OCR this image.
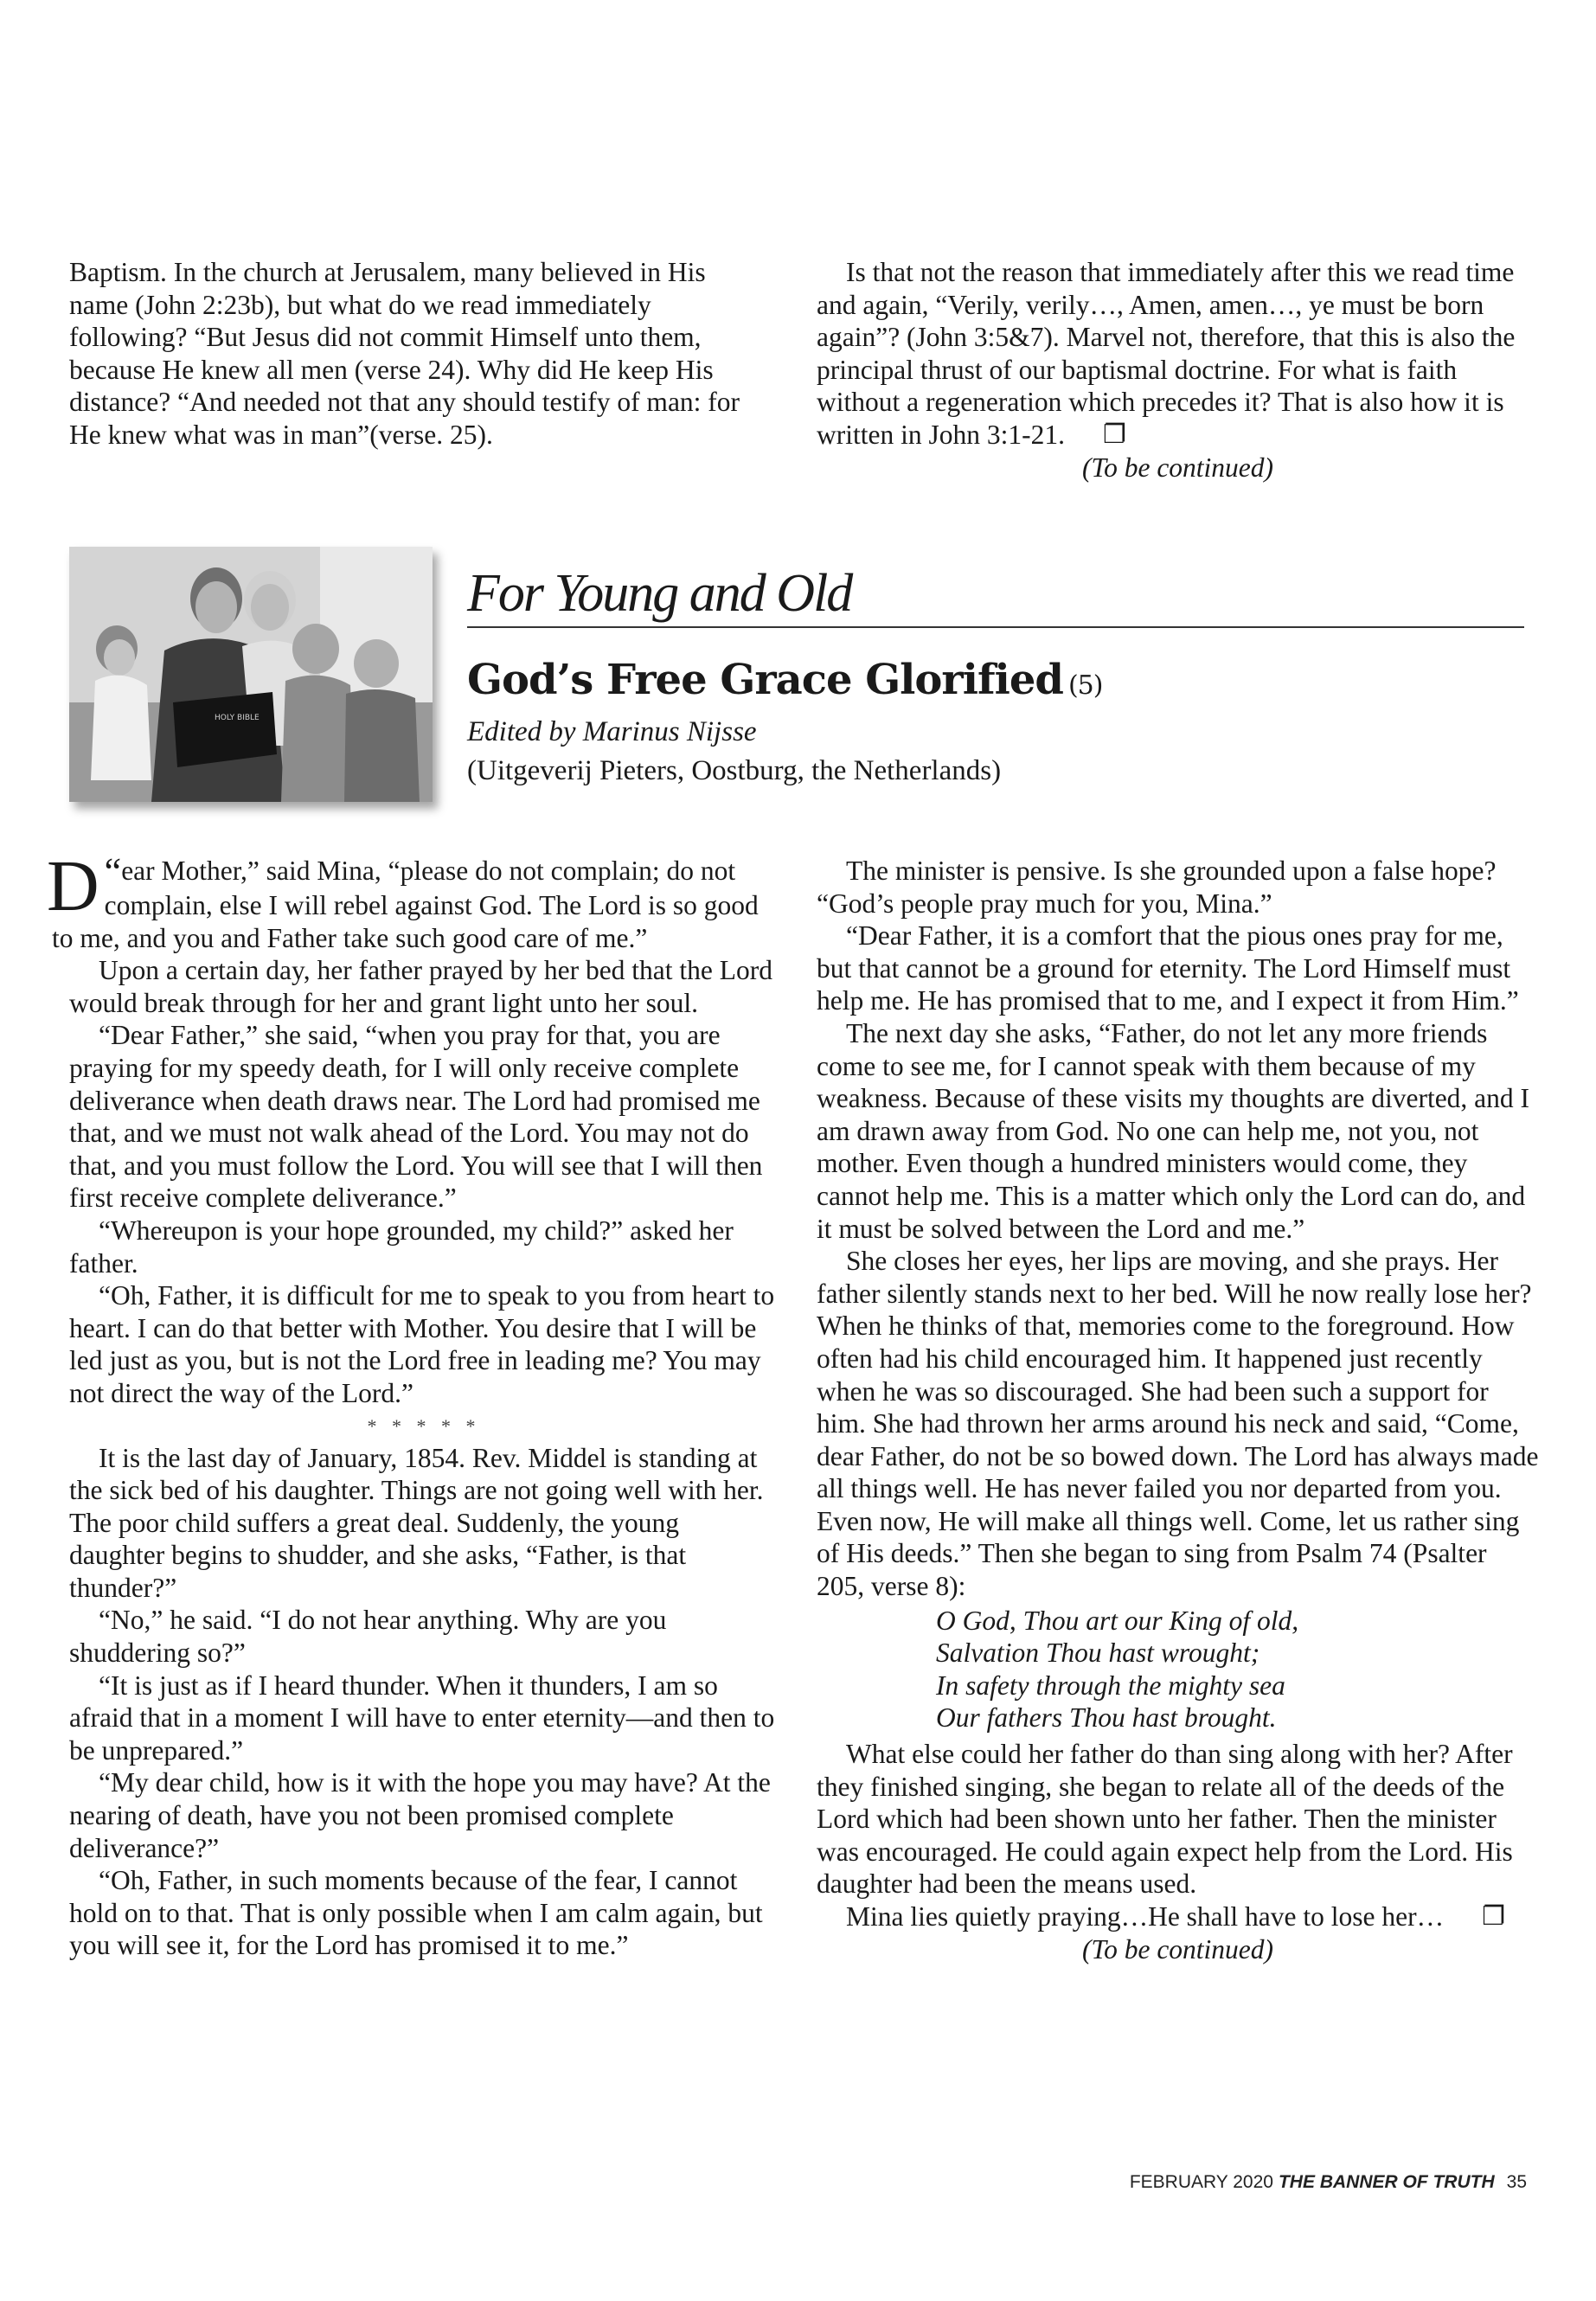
Baptism. In the church at Jerusalem, many believed in His name (John 2:23b), but what do we read immediately following? “But Jesus did not commit Himself unto them, because He knew all men (verse 24). Why did He keep His distance? “And needed not that any should testify of man: for He knew what was in man”(verse. 25).

Is that not the reason that immediately after this we read time and again, “Verily, verily…, Amen, amen…, ye must be born again”? (John 3:5&7). Marvel not, therefore, that this is also the principal thrust of our baptismal doctrine. For what is faith without a regeneration which precedes it? That is also how it is written in John 3:1-21. ❐

(To be continued)

HOLY BIBLE
For Young and Old
God’s Free Grace Glorified (5)
Edited by Marinus Nijsse
(Uitgeverij Pieters, Oostburg, the Netherlands)

“
D ear Mother,” said Mina, “please do not complain; do not complain, else I will rebel against God. The Lord is so good to me, and you and Father take such good care of me.”

Upon a certain day, her father prayed by her bed that the Lord would break through for her and grant light unto her soul.

“Dear Father,” she said, “when you pray for that, you are praying for my speedy death, for I will only receive complete deliverance when death draws near. The Lord had promised me that, and we must not walk ahead of the Lord. You may not do that, and you must follow the Lord. You will see that I will then first receive complete deliverance.”

“Whereupon is your hope grounded, my child?” asked her father.

“Oh, Father, it is difficult for me to speak to you from heart to heart. I can do that better with Mother. You desire that I will be led just as you, but is not the Lord free in leading me? You may not direct the way of the Lord.”

* * * * *

It is the last day of January, 1854. Rev. Middel is standing at the sick bed of his daughter. Things are not going well with her. The poor child suffers a great deal. Suddenly, the young daughter begins to shudder, and she asks, “Father, is that thunder?”

“No,” he said. “I do not hear anything. Why are you shuddering so?”

“It is just as if I heard thunder. When it thunders, I am so afraid that in a moment I will have to enter eternity—and then to be unprepared.”

“My dear child, how is it with the hope you may have? At the nearing of death, have you not been promised complete deliverance?”

“Oh, Father, in such moments because of the fear, I cannot hold on to that. That is only possible when I am calm again, but you will see it, for the Lord has promised it to me.”

The minister is pensive. Is she grounded upon a false hope? “God’s people pray much for you, Mina.”

“Dear Father, it is a comfort that the pious ones pray for me, but that cannot be a ground for eternity. The Lord Himself must help me. He has promised that to me, and I expect it from Him.”

The next day she asks, “Father, do not let any more friends come to see me, for I cannot speak with them because of my weakness. Because of these visits my thoughts are diverted, and I am drawn away from God. No one can help me, not you, not mother. Even though a hundred ministers would come, they cannot help me. This is a matter which only the Lord can do, and it must be solved between the Lord and me.”

She closes her eyes, her lips are moving, and she prays. Her father silently stands next to her bed. Will he now really lose her? When he thinks of that, memories come to the foreground. How often had his child encouraged him. It happened just recently when he was so discouraged. She had been such a support for him. She had thrown her arms around his neck and said, “Come, dear Father, do not be so bowed down. The Lord has always made all things well. He has never failed you nor departed from you. Even now, He will make all things well. Come, let us rather sing of His deeds.” Then she began to sing from Psalm 74 (Psalter 205, verse 8):

O God, Thou art our King of old,
Salvation Thou hast wrought;
In safety through the mighty sea
Our fathers Thou hast brought.

What else could her father do than sing along with her? After they finished singing, she began to relate all of the deeds of the Lord which had been shown unto her father. Then the minister was encouraged. He could again expect help from the Lord. His daughter had been the means used.

Mina lies quietly praying…He shall have to lose her… ❐

(To be continued)

FEBRUARY 2020 THE BANNER OF TRUTH 35
